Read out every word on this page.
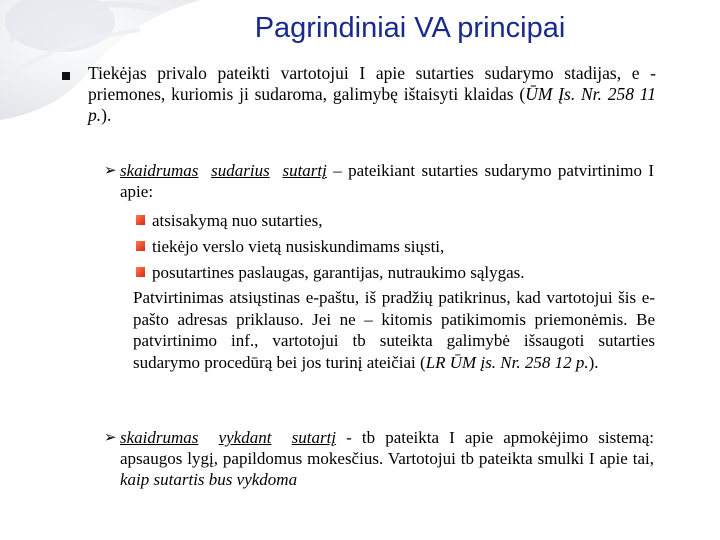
Pagrindiniai VA principai

Tiekėjas privalo pateikti vartotojui I apie sutarties sudarymo stadijas, e -priemones, kuriomis ji sudaroma, galimybę ištaisyti klaidas (ŪM Įs. Nr. 258 11 p.).

➢ skaidrumas sudarius sutartį – pateikiant sutarties sudarymo patvirtinimo I apie:
atsisakymą nuo sutarties,
tiekėjo verslo vietą nusiskundimams siųsti,
posutartines paslaugas, garantijas, nutraukimo sąlygas.
Patvirtinimas atsiųstinas e-paštu, iš pradžių patikrinus, kad vartotojui šis e-pašto adresas priklauso. Jei ne – kitomis patikimomis priemonėmis. Be patvirtinimo inf., vartotojui tb suteikta galimybė išsaugoti sutarties sudarymo procedūrą bei jos turinį ateičiai (LR ŪM įs. Nr. 258 12 p.).
➢ skaidrumas vykdant sutartį - tb pateikta I apie apmokėjimo sistemą: apsaugos lygį, papildomus mokesčius. Vartotojui tb pateikta smulki I apie tai, kaip sutartis bus vykdoma
